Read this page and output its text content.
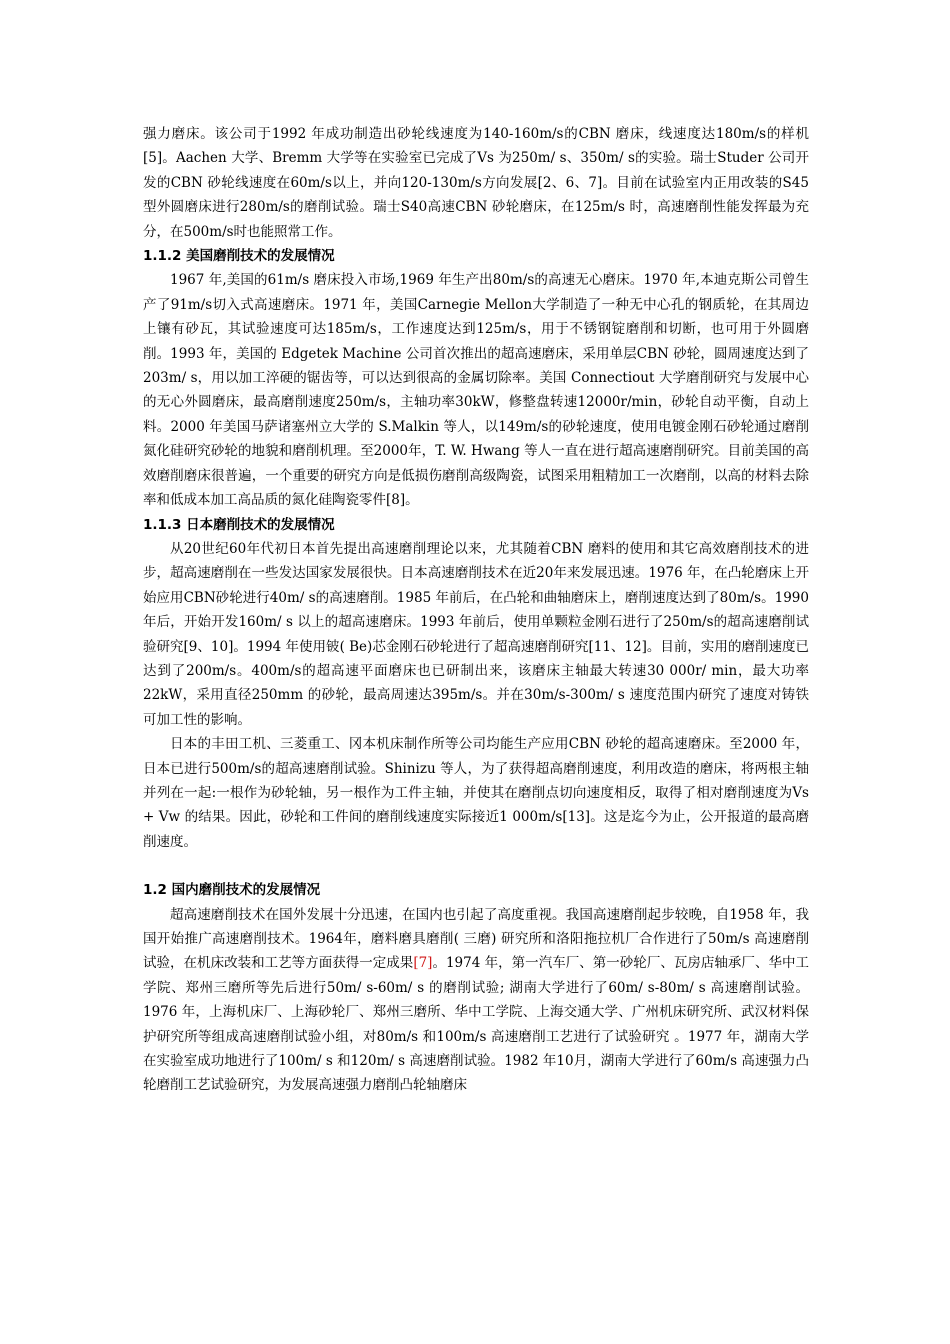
强力磨床。该公司于1992 年成功制造出砂轮线速度为140-160m/s的CBN 磨床，线速度达180m/s的样机[5]。Aachen 大学、Bremm 大学等在实验室已完成了Vs 为250m/ s、350m/ s的实验。瑞士Studer 公司开发的CBN 砂轮线速度在60m/s以上，并向120-130m/s方向发展[2、6、7]。目前在试验室内正用改装的S45型外圆磨床进行280m/s的磨削试验。瑞士S40高速CBN 砂轮磨床，在125m/s 时，高速磨削性能发挥最为充分，在500m/s时也能照常工作。

1.1.2 美国磨削技术的发展情况

1967 年,美国的61m/s 磨床投入市场,1969 年生产出80m/s的高速无心磨床。1970 年,本迪克斯公司曾生产了91m/s切入式高速磨床。1971 年，美国Carnegie Mellon大学制造了一种无中心孔的钢质轮，在其周边上镶有砂瓦，其试验速度可达185m/s，工作速度达到125m/s，用于不锈钢锭磨削和切断，也可用于外圆磨削。1993 年，美国的 Edgetek Machine 公司首次推出的超高速磨床，采用单层CBN 砂轮，圆周速度达到了203m/ s，用以加工淬硬的锯齿等，可以达到很高的金属切除率。美国 Connectiout 大学磨削研究与发展中心的无心外圆磨床，最高磨削速度250m/s，主轴功率30kW，修整盘转速12000r/min，砂轮自动平衡，自动上料。2000 年美国马萨诸塞州立大学的 S.Malkin 等人，以149m/s的砂轮速度，使用电镀金刚石砂轮通过磨削氮化硅研究砂轮的地貌和磨削机理。至2000年，T. W. Hwang 等人一直在进行超高速磨削研究。目前美国的高效磨削磨床很普遍，一个重要的研究方向是低损伤磨削高级陶瓷，试图采用粗精加工一次磨削，以高的材料去除率和低成本加工高品质的氮化硅陶瓷零件[8]。

1.1.3 日本磨削技术的发展情况

从20世纪60年代初日本首先提出高速磨削理论以来，尤其随着CBN 磨料的使用和其它高效磨削技术的进步，超高速磨削在一些发达国家发展很快。日本高速磨削技术在近20年来发展迅速。1976 年，在凸轮磨床上开始应用CBN砂轮进行40m/ s的高速磨削。1985 年前后，在凸轮和曲轴磨床上，磨削速度达到了80m/s。1990 年后，开始开发160m/ s 以上的超高速磨床。1993 年前后，使用单颗粒金刚石进行了250m/s的超高速磨削试验研究[9、10]。1994 年使用铍( Be)芯金刚石砂轮进行了超高速磨削研究[11、12]。目前，实用的磨削速度已达到了200m/s。400m/s的超高速平面磨床也已研制出来，该磨床主轴最大转速30 000r/ min，最大功率22kW，采用直径250mm 的砂轮，最高周速达395m/s。并在30m/s-300m/ s 速度范围内研究了速度对铸铁可加工性的影响。

日本的丰田工机、三菱重工、冈本机床制作所等公司均能生产应用CBN 砂轮的超高速磨床。至2000 年，日本已进行500m/s的超高速磨削试验。Shinizu 等人，为了获得超高磨削速度，利用改造的磨床，将两根主轴并列在一起:一根作为砂轮轴，另一根作为工件主轴，并使其在磨削点切向速度相反，取得了相对磨削速度为Vs + Vw 的结果。因此，砂轮和工件间的磨削线速度实际接近1 000m/s[13]。这是迄今为止，公开报道的最高磨削速度。

1.2 国内磨削技术的发展情况

超高速磨削技术在国外发展十分迅速，在国内也引起了高度重视。我国高速磨削起步较晚，自1958 年，我国开始推广高速磨削技术。1964年，磨料磨具磨削( 三磨) 研究所和洛阳拖拉机厂合作进行了50m/s 高速磨削试验，在机床改装和工艺等方面获得一定成果[7]。1974 年，第一汽车厂、第一砂轮厂、瓦房店轴承厂、华中工学院、郑州三磨所等先后进行50m/ s-60m/ s 的磨削试验; 湖南大学进行了60m/ s-80m/ s 高速磨削试验。1976 年，上海机床厂、上海砂轮厂、郑州三磨所、华中工学院、上海交通大学、广州机床研究所、武汉材料保护研究所等组成高速磨削试验小组，对80m/s 和100m/s 高速磨削工艺进行了试验研究 。1977 年，湖南大学在实验室成功地进行了100m/ s 和120m/ s 高速磨削试验。1982 年10月，湖南大学进行了60m/s 高速强力凸轮磨削工艺试验研究，为发展高速强力磨削凸轮轴磨床
